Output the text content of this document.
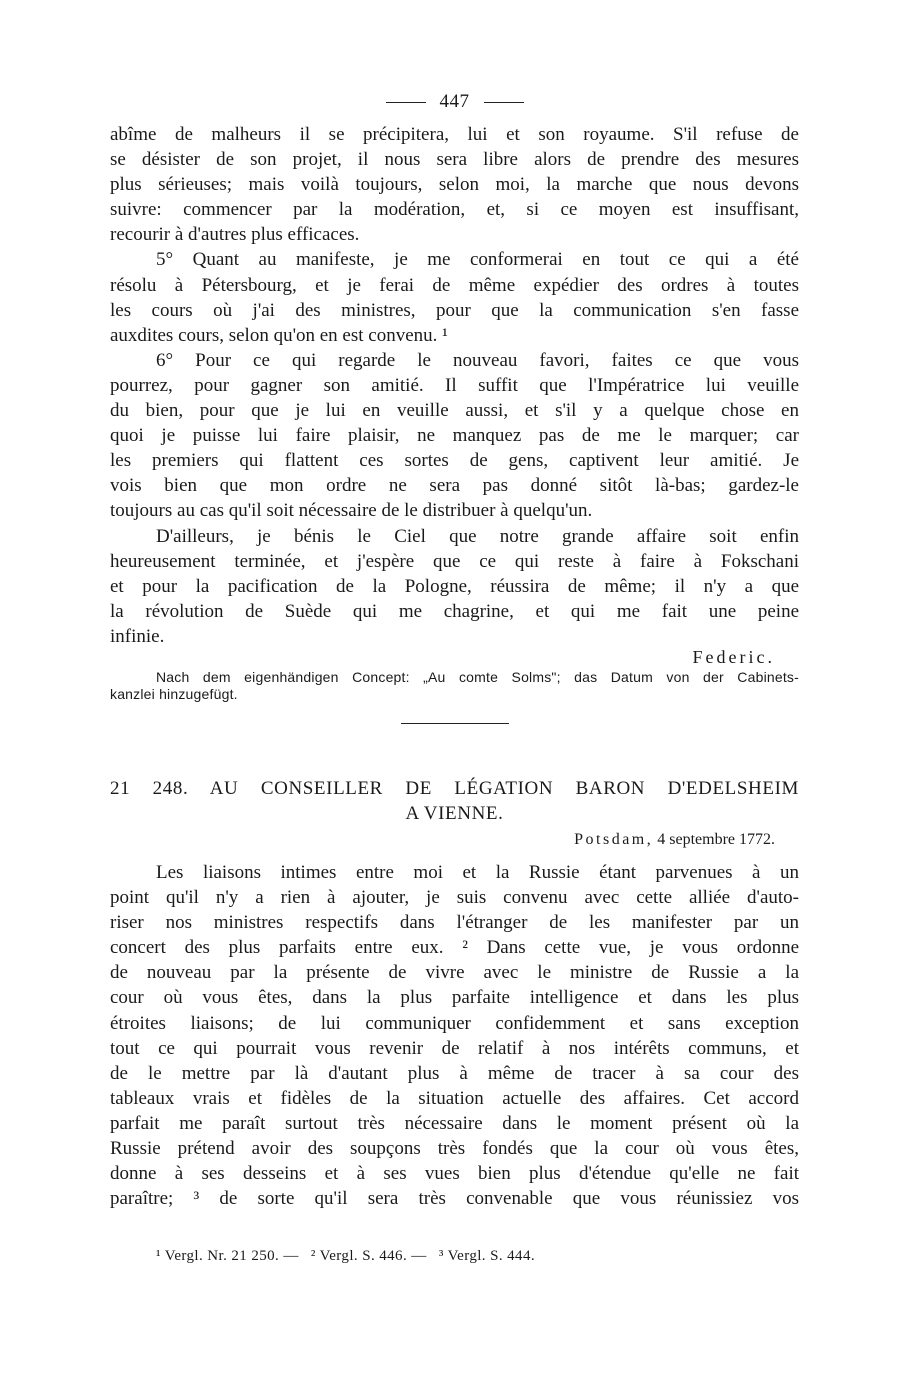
447
abîme de malheurs il se précipitera, lui et son royaume. S'il refuse de
se désister de son projet, il nous sera libre alors de prendre des mesures
plus sérieuses; mais voilà toujours, selon moi, la marche que nous devons
suivre: commencer par la modération, et, si ce moyen est insuffisant,
recourir à d'autres plus efficaces.
5° Quant au manifeste, je me conformerai en tout ce qui a été
résolu à Pétersbourg, et je ferai de même expédier des ordres à toutes
les cours où j'ai des ministres, pour que la communication s'en fasse
auxdites cours, selon qu'on en est convenu. ¹
6° Pour ce qui regarde le nouveau favori, faites ce que vous
pourrez, pour gagner son amitié. Il suffit que l'Impératrice lui veuille
du bien, pour que je lui en veuille aussi, et s'il y a quelque chose en
quoi je puisse lui faire plaisir, ne manquez pas de me le marquer; car
les premiers qui flattent ces sortes de gens, captivent leur amitié. Je
vois bien que mon ordre ne sera pas donné sitôt là-bas; gardez-le
toujours au cas qu'il soit nécessaire de le distribuer à quelqu'un.
D'ailleurs, je bénis le Ciel que notre grande affaire soit enfin
heureusement terminée, et j'espère que ce qui reste à faire à Fokschani
et pour la pacification de la Pologne, réussira de même; il n'y a que
la révolution de Suède qui me chagrine, et qui me fait une peine
infinie.
Federic.
Nach dem eigenhändigen Concept: „Au comte Solms"; das Datum von der Cabinets-
kanzlei hinzugefügt.
21 248. AU CONSEILLER DE LÉGATION BARON D'EDELSHEIM
A VIENNE.
Potsdam, 4 septembre 1772.
Les liaisons intimes entre moi et la Russie étant parvenues à un
point qu'il n'y a rien à ajouter, je suis convenu avec cette alliée d'auto-
riser nos ministres respectifs dans l'étranger de les manifester par un
concert des plus parfaits entre eux. ² Dans cette vue, je vous ordonne
de nouveau par la présente de vivre avec le ministre de Russie a la
cour où vous êtes, dans la plus parfaite intelligence et dans les plus
étroites liaisons; de lui communiquer confidemment et sans exception
tout ce qui pourrait vous revenir de relatif à nos intérêts communs, et
de le mettre par là d'autant plus à même de tracer à sa cour des
tableaux vrais et fidèles de la situation actuelle des affaires. Cet accord
parfait me paraît surtout très nécessaire dans le moment présent où la
Russie prétend avoir des soupçons très fondés que la cour où vous êtes,
donne à ses desseins et à ses vues bien plus d'étendue qu'elle ne fait
paraître; ³ de sorte qu'il sera très convenable que vous réunissiez vos
¹ Vergl. Nr. 21 250. — ² Vergl. S. 446. — ³ Vergl. S. 444.
